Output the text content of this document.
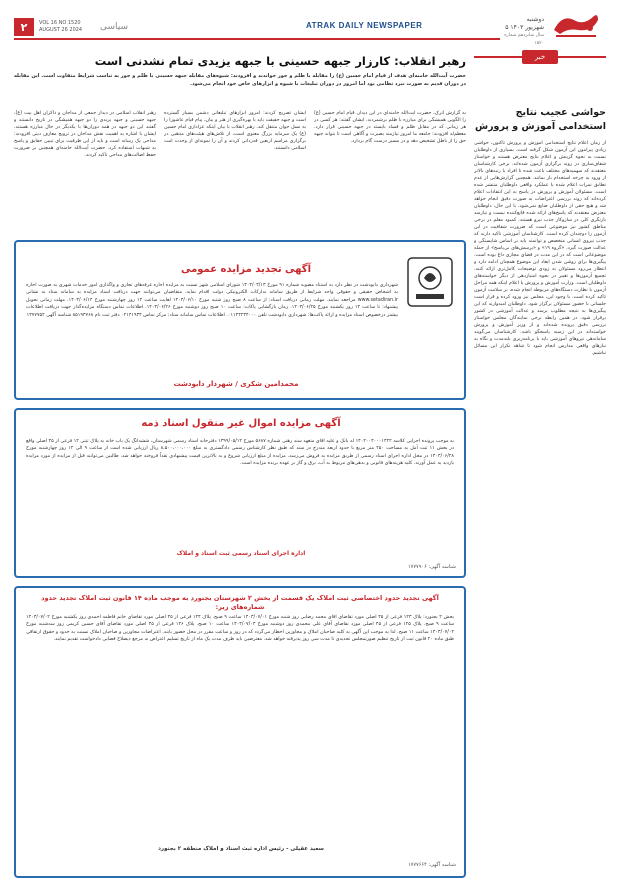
۲	VOL 16 NO 1520
AUGUST 26 2024 سیاسی	ATRAK DAILY NEWSPAPER
دوشنبه
۵ شهریور ۱۴۰۳
سال شانزدهم شماره ۱۵۲۰
خبر
حواشی عجیب نتایج استخدامی آموزش و پرورش
از زمان اعلام نتایج استخدامی آموزش و پرورش تاکنون، حواشی زیادی پیرامون این آزمون شکل گرفته است. بسیاری از داوطلبان نسبت به نحوه گزینش و اعلام نتایج معترض هستند و خواستار شفاف‌سازی در روند برگزاری آزمون شده‌اند. برخی کارشناسان معتقدند که سهمیه‌های مختلف باعث شده تا افراد با رتبه‌های بالاتر از ورود به چرخه استخدام باز بمانند. همچنین گزارش‌هایی از عدم تطابق نمرات اعلام شده با عملکرد واقعی داوطلبان منتشر شده است. مسئولان آموزش و پرورش در پاسخ به این انتقادات اعلام کرده‌اند که روند بررسی اعتراضات به صورت دقیق انجام خواهد شد و هیچ حقی از داوطلبان ضایع نمی‌شود. با این حال، داوطلبان معترض معتقدند که پاسخ‌های ارائه شده قانع‌کننده نیست و نیازمند بازنگری کلی در سازوکار جذب نیرو هستند. کمبود معلم در برخی مناطق کشور نیز موضوعی است که ضرورت شفافیت در این آزمون را دوچندان کرده است. کارشناسان آموزشی تاکید دارند که جذب نیروی انسانی متخصص و توانمند باید بر اساس شایستگی و عدالت صورت گیرد. «گروه ۱۹» و «پرسش‌های بی‌پاسخ» از جمله موضوعاتی است که در این مدت در فضای مجازی داغ بوده است. پیگیری‌ها برای روشن شدن ابعاد این موضوع همچنان ادامه دارد و انتظار می‌رود مسئولان به زودی توضیحات کامل‌تری ارائه کنند. تجمیع آزمون‌ها و تغییر در نحوه امتیازدهی از دیگر خواسته‌های داوطلبان است. وزارت آموزش و پرورش با اعلام اینکه همه مراحل آزمون با نظارت دستگاه‌های مربوطه انجام شده، بر سلامت آزمون تاکید کرده است. با وجود این، مجلس نیز ورود کرده و قرار است جلساتی با حضور مسئولان برگزار شود. داوطلبان امیدوارند که این پیگیری‌ها به نتیجه مطلوب برسد و عدالت آموزشی در کشور برقرار شود. در همین رابطه برخی نمایندگان مجلس خواستار بررسی دقیق پرونده شده‌اند و از وزیر آموزش و پرورش خواسته‌اند در این زمینه پاسخگو باشد. کارشناسان می‌گویند ساماندهی نیروهای آموزشی باید با برنامه‌ریزی بلندمدت و نگاه به نیازهای واقعی مدارس انجام شود تا شاهد تکرار این مسائل نباشیم.
رهبر انقلاب: کارزار جبهه حسینی با جبهه یزیدی تمام نشدنی است
حضرت آیت‌الله خامنه‌ای هدف از قیام امام حسین (ع) را مقابله با ظلم و جور خواندند و افزودند: شیوه‌های مقابله جبهه حسینی با ظلم و جور به تناسب شرایط متفاوت است. این مقابله در دوران قدیم به صورت نبرد نظامی بود اما امروز در دوران تبلیغات با شیوه و ابزارهای خاص خود انجام می‌شود.
به گزارش اترک، حضرت آیت‌الله خامنه‌ای در این دیدار، قیام امام حسین (ع) را الگویی همیشگی برای مبارزه با ظلم برشمردند. ایشان گفتند: هر کسی در هر زمانی که در مقابل ظلم و فساد بایستد در جبهه حسینی قرار دارد. معظم‌له افزودند: جامعه ما امروز نیازمند بصیرت و آگاهی است تا بتواند جبهه حق را از باطل تشخیص دهد و در مسیر درست گام بردارد.
ایشان تصریح کردند: امروز ابزارهای تبلیغاتی دشمن بسیار گسترده است و جبهه حقیقت باید با بهره‌گیری از هنر و بیان، پیام قیام عاشورا را به نسل جوان منتقل کند. رهبر انقلاب با بیان اینکه عزاداری امام حسین (ع) یک سرمایه بزرگ معنوی است، از تلاش‌های هیئت‌های مذهبی در برگزاری مراسم اربعین قدردانی کردند و آن را نمونه‌ای از وحدت امت اسلامی دانستند.
رهبر انقلاب اسلامی در دیدار جمعی از مداحان و ذاکران اهل بیت (ع)، جبهه حسینی و جبهه یزیدی را دو جبهه همیشگی در تاریخ دانستند و گفتند این دو جبهه در همه دوران‌ها با یکدیگر در حال مبارزه هستند. ایشان با اشاره به اهمیت نقش مداحان در ترویج معارف دینی افزودند: مداحی یک رسانه است و باید از این ظرفیت برای تبیین حقایق و پاسخ به شبهات استفاده کرد. حضرت آیت‌الله خامنه‌ای همچنین بر ضرورت حفظ اصالت‌های مداحی تاکید کردند.
آگهی تجدید مزایده عمومی
شهرداری دابودشت در نظر دارد به استناد مصوبه شماره ۹۱ مورخ ۱۴۰۳/۰۳/۱۳ شورای اسلامی شهر نسبت به مزایده اجاره غرفه‌های تجاری و واگذاری امور خدمات شهری به صورت اجاره به اشخاص حقیقی و حقوقی واجد شرایط از طریق سامانه تدارکات الکترونیکی دولت اقدام نماید. متقاضیان می‌توانند جهت دریافت اسناد مزایده به سامانه ستاد به نشانی www.setadiran.ir مراجعه نمایند. مهلت زمانی دریافت اسناد: از ساعت ۸ صبح روز شنبه مورخ ۱۴۰۳/۰۶/۱۰ لغایت ساعت ۱۴ روز چهارشنبه مورخ ۱۴۰۳/۰۶/۱۴. مهلت زمانی تحویل پیشنهاد: تا ساعت ۱۴ روز یکشنبه مورخ ۱۴۰۳/۰۶/۲۵. زمان بازگشایی پاکات: ساعت ۱۰ صبح روز دوشنبه مورخ ۱۴۰۳/۰۶/۲۶. اطلاعات تماس دستگاه مزایده‌گذار جهت دریافت اطلاعات بیشتر درخصوص اسناد مزایده و ارائه پاکت‌ها: شهرداری دابودشت تلفن ۰۱۱۴۴۲۳۴۰۰۰. اطلاعات تماس سامانه ستاد: مرکز تماس ۰۲۱۴۱۹۳۴ دفتر ثبت نام ۸۵۱۹۳۷۶۸ شناسه آگهی ۱۳۷۷۷۵۲
محمدامین شکری / شهردار دابودشت
آگهی مزایده اموال غیر منقول اسناد ذمه
به موجب پرونده اجرایی کلاسه ۱۴۰۲۰۰۴۰۰۰۱۴۲۲ له بانک و علیه آقای متعهد سند رهنی شماره ۵۶۸۷ مورخ ۱۳۹۹/۰۵/۱۲ دفترخانه اسناد رسمی شهرستان، ششدانگ یک باب خانه به پلاک ثبتی ۱۲ فرعی از ۴۵ اصلی واقع در بخش ۱۱ ثبت آمل به مساحت ۲۵۰ متر مربع با حدود اربعه مندرج در سند که طبق نظر کارشناس رسمی دادگستری به مبلغ ۸،۵۰۰،۰۰۰،۰۰۰ ریال ارزیابی شده است از ساعت ۹ الی ۱۲ روز چهارشنبه مورخ ۱۴۰۳/۰۶/۲۸ در محل اداره اجرای اسناد رسمی از طریق مزایده به فروش می‌رسد. مزایده از مبلغ ارزیابی شروع و به بالاترین قیمت پیشنهادی نقداً فروخته خواهد شد. طالبین می‌توانند قبل از مزایده از مورد مزایده بازدید به عمل آورند. کلیه هزینه‌های قانونی و بدهی‌های مربوط به آب، برق و گاز بر عهده برنده مزایده است.
اداره اجرای اسناد رسمی ثبت اسناد و املاک
شناسه آگهی: ۱۷۷۷۹۰۶
آگهی تجدید حدود اختصاصی ثبت املاک یک قسمت از بخش ۲ شهرستان بجنورد به موجب ماده ۱۴ قانون ثبت املاک تجدید حدود شماره‌های زیر:
بخش ۲ بجنورد: پلاک ۱۲۳ فرعی از ۴۵ اصلی مورد تقاضای آقای محمد رضایی روز شنبه مورخ ۱۴۰۳/۰۷/۰۱ ساعت ۹ صبح. پلاک ۱۲۴ فرعی از ۴۵ اصلی مورد تقاضای خانم فاطمه احمدی روز یکشنبه مورخ ۱۴۰۳/۰۷/۰۲ ساعت ۹ صبح. پلاک ۱۲۵ فرعی از ۴۵ اصلی مورد تقاضای آقای علی محمدی روز دوشنبه مورخ ۱۴۰۳/۰۷/۰۳ ساعت ۱۰ صبح. پلاک ۱۲۶ فرعی از ۴۵ اصلی مورد تقاضای آقای حسین کریمی روز سه‌شنبه مورخ ۱۴۰۳/۰۷/۰۴ ساعت ۱۱ صبح. لذا به موجب این آگهی به کلیه صاحبان املاک و مجاورین اخطار می‌گردد که در روز و ساعت مقرر در محل حضور یابند. اعتراضات مجاورین و صاحبان املاک نسبت به حدود و حقوق ارتفاقی طبق ماده ۲۰ قانون ثبت از تاریخ تنظیم صورتمجلس تحدیدی تا مدت سی روز پذیرفته خواهد شد. معترضین باید ظرف مدت یک ماه از تاریخ تسلیم اعتراض به مرجع ذیصلاح قضایی دادخواست تقدیم نمایند.
سعید عقیلی - رئیس اداره ثبت اسناد و املاک منطقه ۲ بجنورد
شناسه آگهی: ۱۷۷۷۶۶۴
